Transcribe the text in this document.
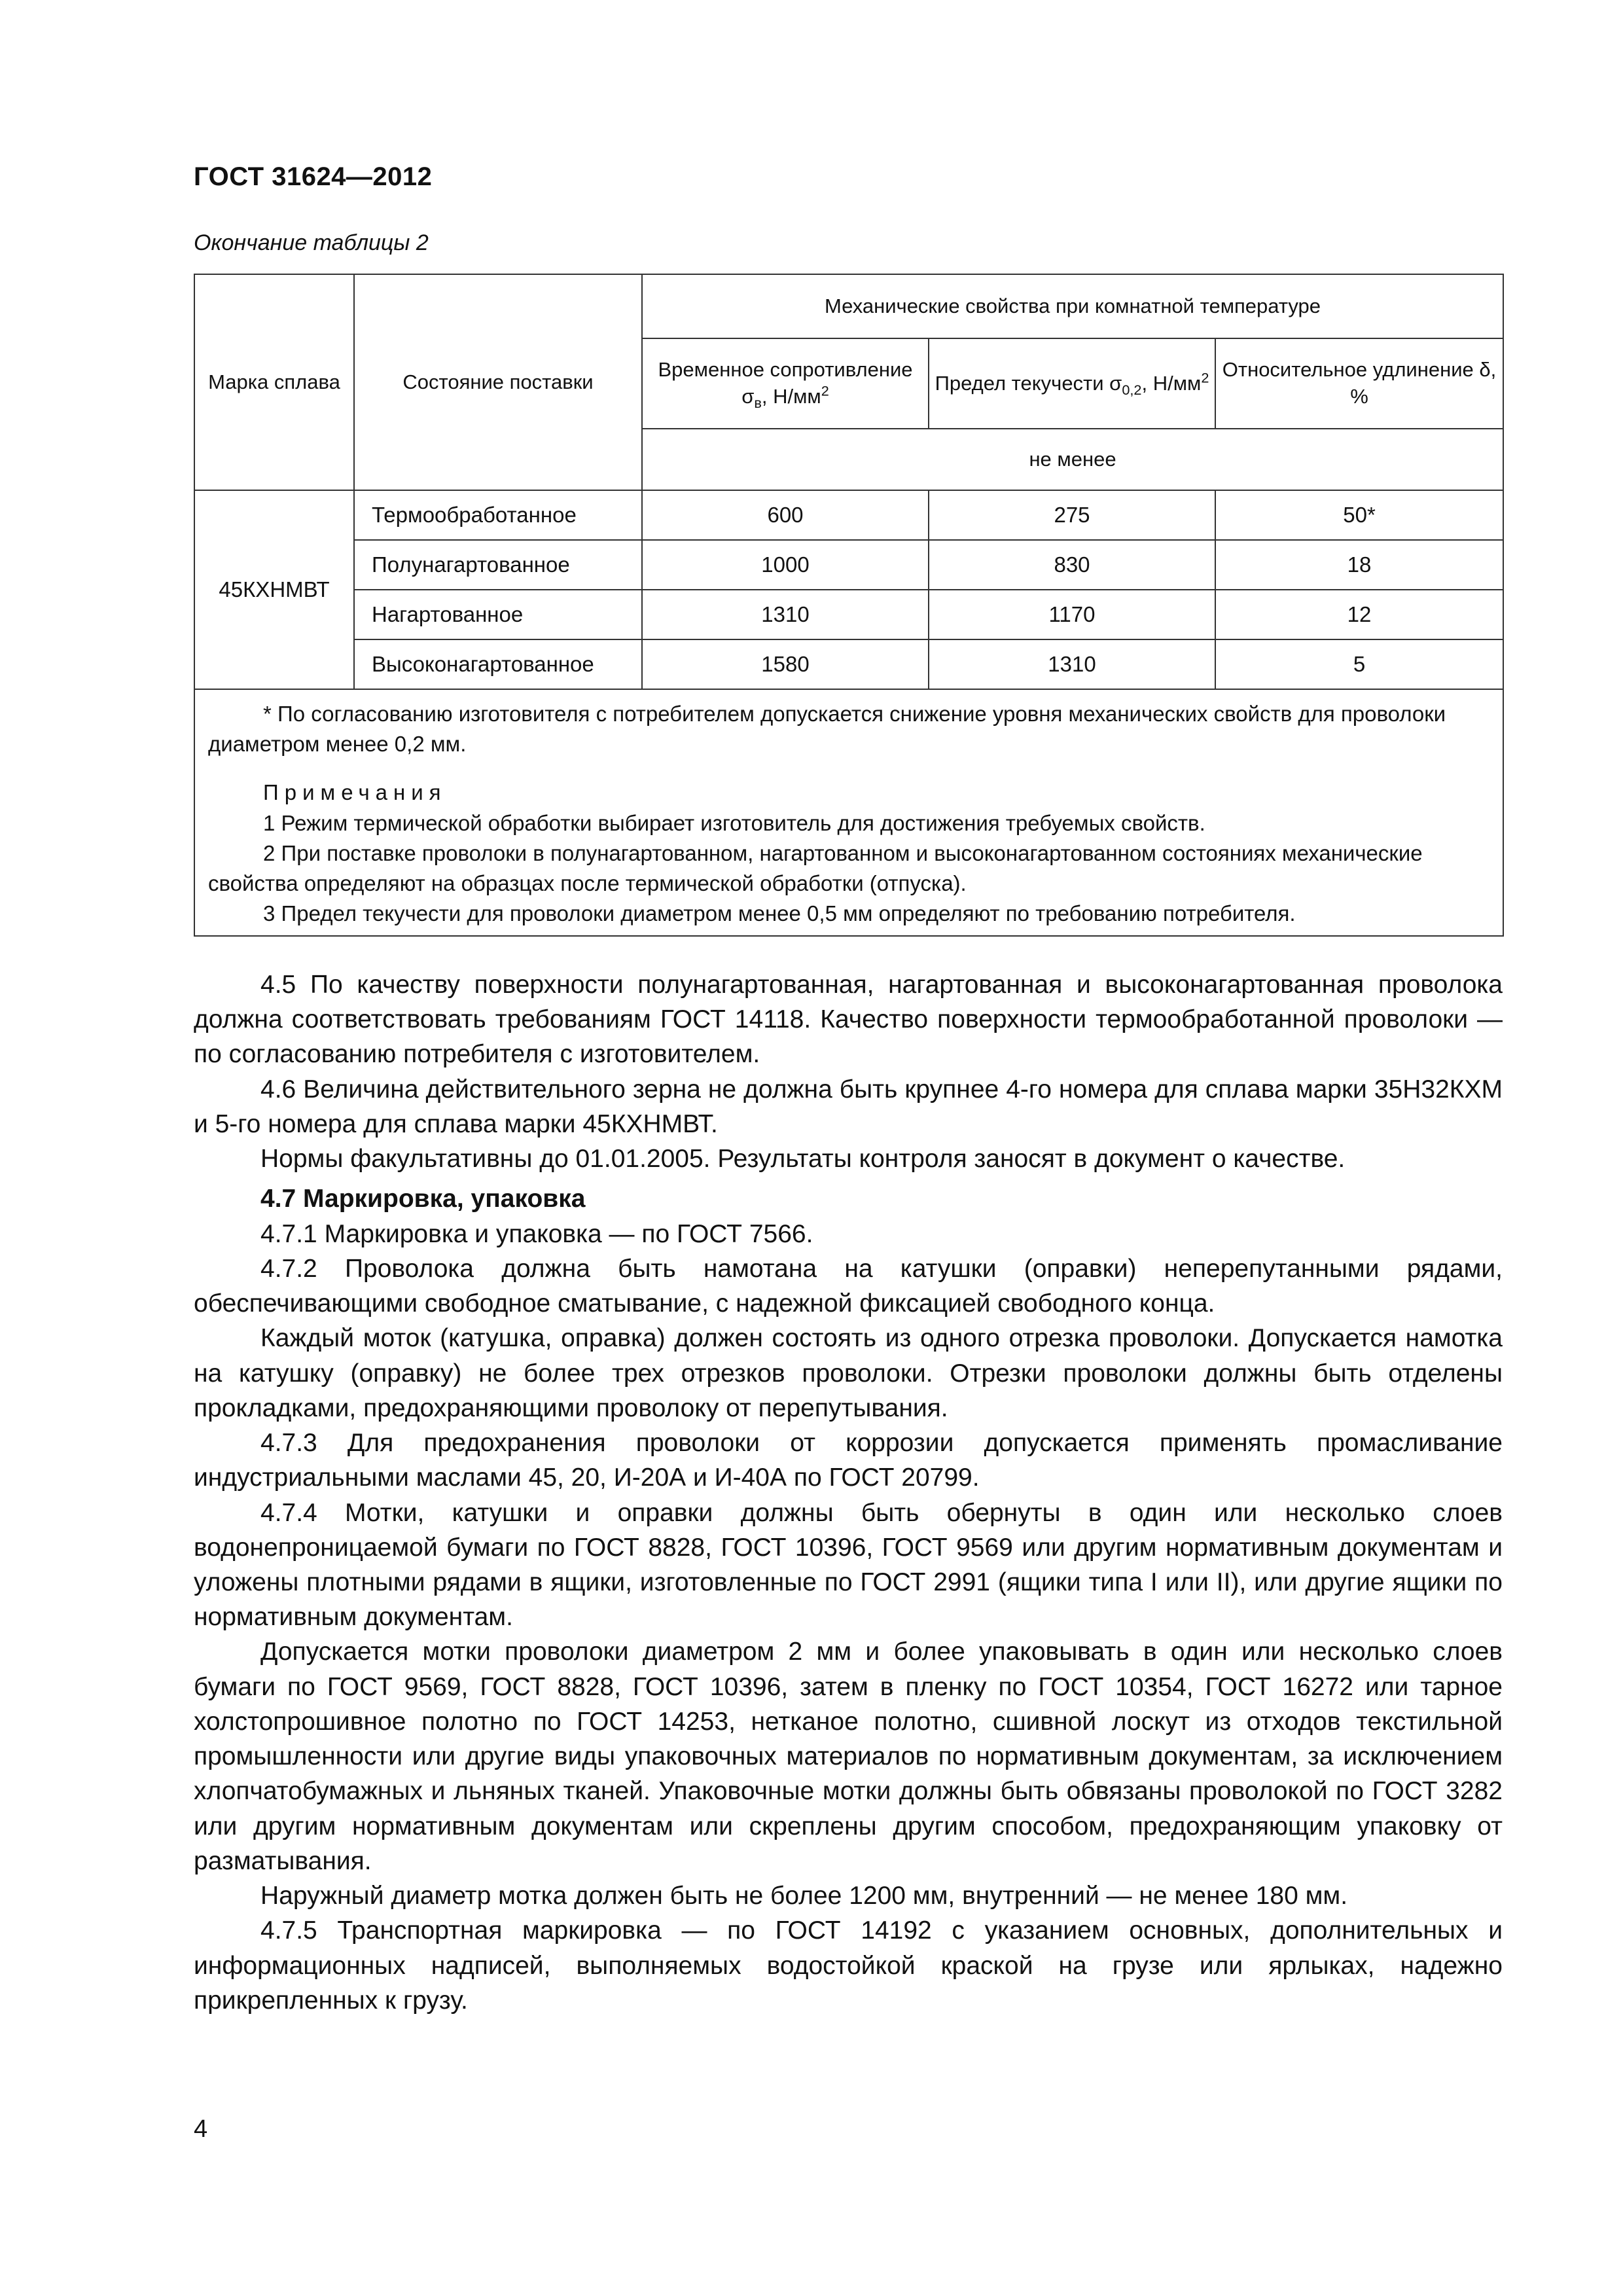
ГОСТ 31624—2012
Окончание таблицы 2
Марка сплава	Состояние поставки	Механические свойства при комнатной температуре		
		Временное сопротивление $\sigma_в$, $Н/мм^2$	Предел текучести $\sigma_{0,2}$, $Н/мм^2$	Относительное удлинение δ, %
		не менее		
45КХНМВТ	Термообработанное	600	275	50*
	Полунагартованное	1000	830	18
	Нагартованное	1310	1170	12
	Высоконагартованное	1580	1310	5

* По согласованию изготовителя с потребителем допускается снижение уровня механических свойств для проволоки диаметром менее 0,2 мм.
Примечания
1 Режим термической обработки выбирает изготовитель для достижения требуемых свойств.
2 При поставке проволоки в полунагартованном, нагартованном и высоконагартованном состояниях механические свойства определяют на образцах после термической обработки (отпуска).
3 Предел текучести для проволоки диаметром менее 0,5 мм определяют по требованию потребителя.				

4.5 По качеству поверхности полунагартованная, нагартованная и высоконагартованная проволока должна соответствовать требованиям ГОСТ 14118. Качество поверхности термообработанной проволоки — по согласованию потребителя с изготовителем.

4.6 Величина действительного зерна не должна быть крупнее 4-го номера для сплава марки 35Н32КХМ и 5-го номера для сплава марки 45КХНМВТ.

Нормы факультативны до 01.01.2005. Результаты контроля заносят в документ о качестве.

4.7 Маркировка, упаковка

4.7.1 Маркировка и упаковка — по ГОСТ 7566.

4.7.2 Проволока должна быть намотана на катушки (оправки) неперепутанными рядами, обеспечивающими свободное сматывание, с надежной фиксацией свободного конца.

Каждый моток (катушка, оправка) должен состоять из одного отрезка проволоки. Допускается намотка на катушку (оправку) не более трех отрезков проволоки. Отрезки проволоки должны быть отделены прокладками, предохраняющими проволоку от перепутывания.

4.7.3 Для предохранения проволоки от коррозии допускается применять промасливание индустриальными маслами 45, 20, И-20А и И-40А по ГОСТ 20799.

4.7.4 Мотки, катушки и оправки должны быть обернуты в один или несколько слоев водонепроницаемой бумаги по ГОСТ 8828, ГОСТ 10396, ГОСТ 9569 или другим нормативным документам и уложены плотными рядами в ящики, изготовленные по ГОСТ 2991 (ящики типа I или II), или другие ящики по нормативным документам.

Допускается мотки проволоки диаметром 2 мм и более упаковывать в один или несколько слоев бумаги по ГОСТ 9569, ГОСТ 8828, ГОСТ 10396, затем в пленку по ГОСТ 10354, ГОСТ 16272 или тарное холстопрошивное полотно по ГОСТ 14253, нетканое полотно, сшивной лоскут из отходов текстильной промышленности или другие виды упаковочных материалов по нормативным документам, за исключением хлопчатобумажных и льняных тканей. Упаковочные мотки должны быть обвязаны проволокой по ГОСТ 3282 или другим нормативным документам или скреплены другим способом, предохраняющим упаковку от разматывания.

Наружный диаметр мотка должен быть не более 1200 мм, внутренний — не менее 180 мм.

4.7.5 Транспортная маркировка — по ГОСТ 14192 с указанием основных, дополнительных и информационных надписей, выполняемых водостойкой краской на грузе или ярлыках, надежно прикрепленных к грузу.

4
